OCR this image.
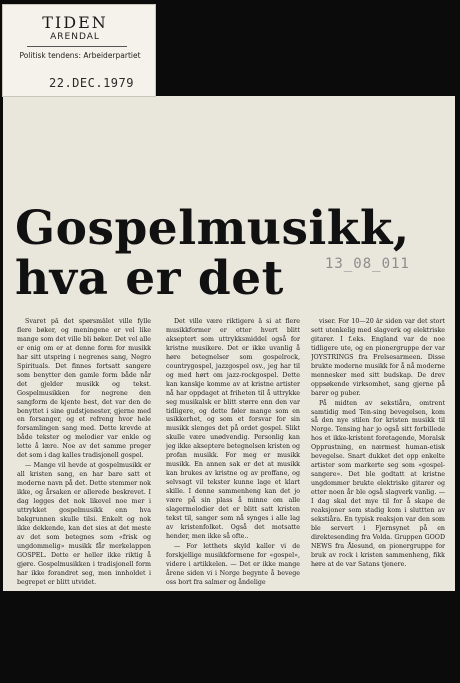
Gospelmusikk,
hva er det	13_08_011

Svaret på det spørsmålet ville fylle flere bøker, og meningene er vel like mange som det ville bli bøker. Det vel alle er enig om er at denne form for musikk har sitt utspring i negrenes sang, Negro Spirituals. Det finnes fortsatt sangere som benytter den gamle form både når det gjelder musikk og tekst. Gospelmusikken for negrene den sangform de kjente best, det var den de benyttet i sine gudstjenester, gjerne med en forsanger, og et refreng hvor hele forsamlingen sang med. Dette krevde at både tekster og melodier var enkle og lette å lære. Noe av det samme preger det som i dag kalles tradisjonell gospel.

— Mange vil hevde at gospelmusikk er all kristen sang, en har bare satt et moderne navn på det. Dette stemmer nok ikke, og årsaken er allerede beskrevet. I dag legges det nok likevel noe mer i uttrykket gospelmusikk enn hva bakgrunnen skulle tilsi. Enkelt og nok ikke dekkende, kan det sies at det meste av det som betegnes som «frisk og ungdommelig» musikk får merkelappen GOSPEL. Dette er heller ikke riktig å gjøre. Gospelmusikken i tradisjonell form har ikke forandret seg, men innholdet i begrepet er blitt utvidet.

Det ville være riktigere å si at flere musikkformer er etter hvert blitt akseptert som uttrykksmiddel også for kristne musikere. Det er ikke uvanlig å høre betegnelser som gospelrock, countrygospel, jazzgospel osv., jeg har til og med hørt om jazz-rockgospel. Dette kan kanskje komme av at kristne artister nå har oppdaget at friheten til å uttrykke seg musikalsk er blitt større enn den var tidligere, og dette føler mange som en usikkerhet, og som et forsvar for sin musikk slenges det på ordet gospel. Slikt skulle være unødvendig. Personlig kan jeg ikke akseptere betegnelsen kristen og profan musikk. For meg er musikk musikk. En annen sak er det at musikk kan brukes av kristne og av proffane, og selvsagt vil tekster kunne lage et klart skille. I denne sammenheng kan det jo være på sin plass å minne om alle slagermelodier det er blitt satt kristen tekst til, sanger som nå synges i alle lag av kristenfolket. Også det motsatte hender, men ikke så ofte..

— For letthets skyld kaller vi de forskjellige musikkformene for «gospel», videre i artikkelen. — Det er ikke mange årene siden vi i Norge begynte å bevege oss bort fra salmer og åndelige

viser. For 10—20 år siden var det stort sett utenkelig med slagverk og elektriske gitarer. I f.eks. England var de noe tidligere ute, og en pionergruppe der var JOYSTRINGS fra Frelsesarmeen. Disse brukte moderne musikk for å nå moderne mennesker med sitt budskap. De drev oppsøkende virksomhet, sang gjerne på barer og puber.

På midten av sekstiåra, omtrent samtidig med Ten-sing bevegelsen, kom så den nye stilen for kristen musikk til Norge. Tensing har jo også sitt forbillede hos et ikke-kristent foretagende, Moralsk Opprustning, en nærmest human-etisk bevegelse. Snart dukket det opp enkelte artister som markerte seg som «gospel-sangere». Det ble godtatt at kristne ungdommer brukte elektriske gitarer og etter noen år ble også slagverk vanlig. — I dag skal det mye til for å skape de reaksjoner som stadig kom i sluttten av sekstiåra. En typisk reaksjon var den som ble servert i Fjernsynet på en direktesending fra Volda. Gruppen GOOD NEWS fra Ålesund, en pionergruppe for bruk av rock i kristen sammenheng, fikk høre at de var Satans tjenere.

TIDEN
ARENDAL
Politisk tendens: Arbeiderpartiet
22.DEC.1979
